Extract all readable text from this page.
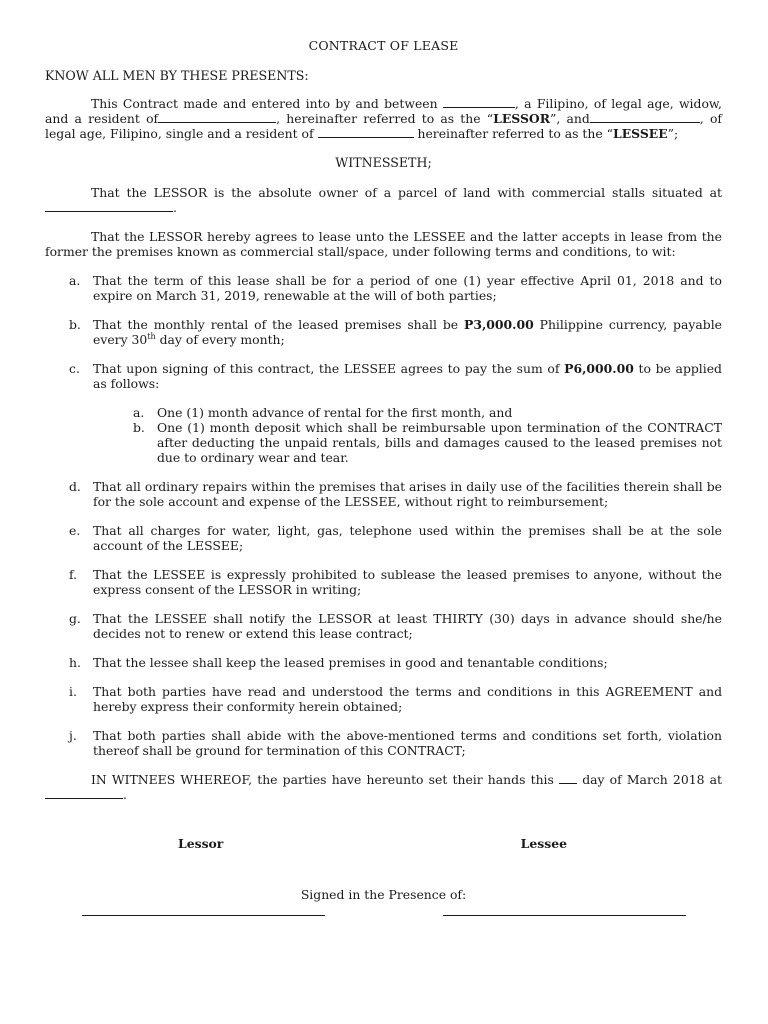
CONTRACT OF LEASE
KNOW ALL MEN BY THESE PRESENTS:

This Contract made and entered into by and between	, a Filipino, of legal age, widow, and a resident of	, hereinafter referred to as the “LESSOR”, and	, of legal age, Filipino, single and a resident of	hereinafter referred to as the “LESSEE”;

WITNESSETH;

That the LESSOR is the absolute owner of a parcel of land with commercial stalls situated at.

That the LESSOR hereby agrees to lease unto the LESSEE and the latter accepts in lease from the former the premises known as commercial stall/space, under following terms and conditions, to wit:

a.	That the term of this lease shall be for a period of one (1) year effective April 01, 2018 and to expire on March 31, 2019, renewable at the will of both parties;
b. That the monthly rental of the leased premises shall be P3,000.00 Philippine currency, payable every 30th day of every month;
c.	That upon signing of this contract, the LESSEE agrees to pay the sum of P6,000.00 to be applied as follows:
a.	One (1) month advance of rental for the first month, and
b. One (1) month deposit which shall be reimbursable upon termination of the CONTRACT after deducting the unpaid rentals, bills and damages caused to the leased premises not due to ordinary wear and tear.
d. That all ordinary repairs within the premises that arises in daily use of the facilities therein shall be for the sole account and expense of the LESSEE, without right to reimbursement;
e.	That all charges for water, light, gas, telephone used within the premises shall be at the sole account of the LESSEE;
f.	That the LESSEE is expressly prohibited to sublease the leased premises to anyone, without the express consent of the LESSOR in writing;
g. That the LESSEE shall notify the LESSOR at least THIRTY (30) days in advance should she/he decides not to renew or extend this lease contract;
h. That the lessee shall keep the leased premises in good and tenantable conditions;
i.	That both parties have read and understood the terms and conditions in this AGREEMENT and hereby express their conformity herein obtained;
j.	That both parties shall abide with the above-mentioned terms and conditions set forth, violation thereof shall be ground for termination of this CONTRACT;

IN WITNEES WHEREOF, the parties have hereunto set their hands this day of March 2018 at .

Lessor	Lessee
Signed in the Presence of:
